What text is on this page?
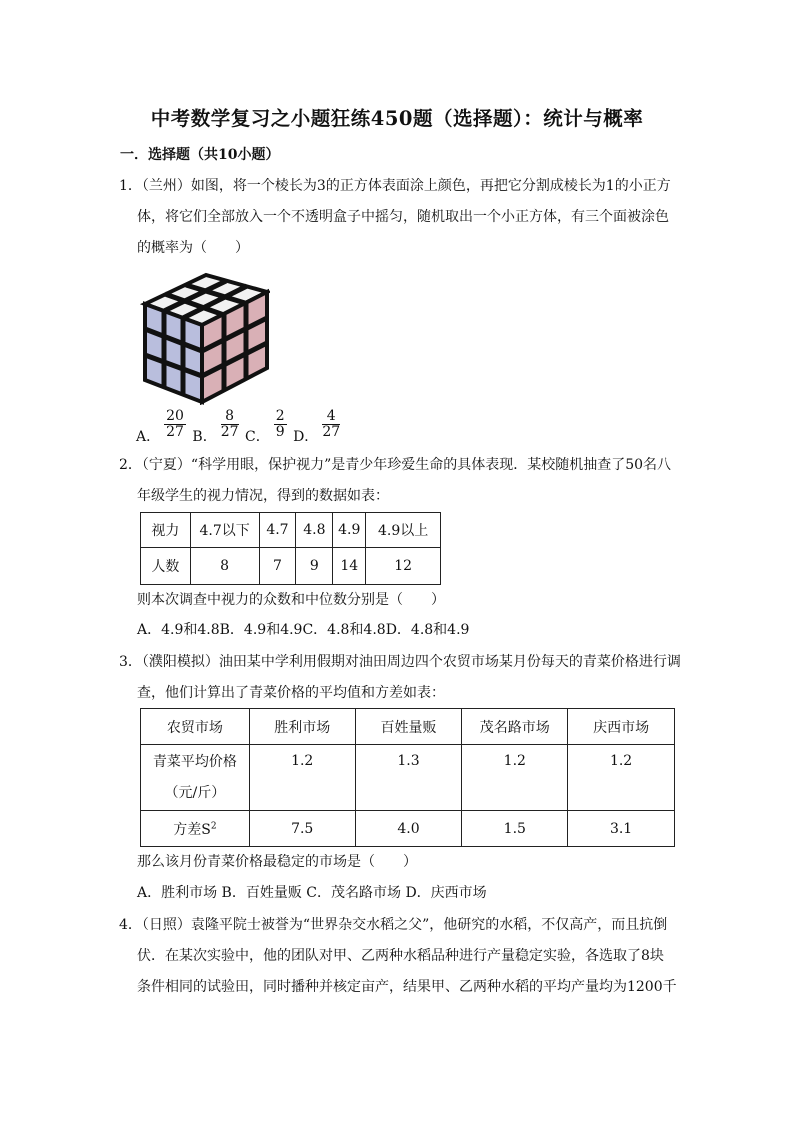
中考数学复习之小题狂练450题（选择题）：统计与概率
一．选择题（共10小题）
1．（兰州）如图，将一个棱长为3的正方体表面涂上颜色，再把它分割成棱长为1的小正方
体，将它们全部放入一个不透明盒子中摇匀，随机取出一个小正方体，有三个面被涂色
的概率为（　　）
A． $\frac{20}{27}$ B． $\frac{8}{27}$ C． $\frac{2}{9}$ D． $\frac{4}{27}$
2．（宁夏）“科学用眼，保护视力”是青少年珍爱生命的具体表现．某校随机抽查了50名八
年级学生的视力情况，得到的数据如表：
视力	4.7以下	4.7	4.8	4.9	4.9以上
人数	8	7	9	14	12
则本次调查中视力的众数和中位数分别是（　　）
A．4.9和4.8B．4.9和4.9C．4.8和4.8D．4.8和4.9
3．（濮阳模拟）油田某中学利用假期对油田周边四个农贸市场某月份每天的青菜价格进行调
查，他们计算出了青菜价格的平均值和方差如表：
农贸市场	胜利市场	百姓量贩	茂名路市场	庆西市场

青菜平均价格
（元/斤）	1.2	1.3	1.2	1.2
方差$S^2$	7.5	4.0	1.5	3.1
那么该月份青菜价格最稳定的市场是（　　）
A．胜利市场 B．百姓量贩 C．茂名路市场 D．庆西市场
4．（日照）袁隆平院士被誉为“世界杂交水稻之父”，他研究的水稻，不仅高产，而且抗倒
伏．在某次实验中，他的团队对甲、乙两种水稻品种进行产量稳定实验，各选取了8块
条件相同的试验田，同时播种并核定亩产，结果甲、乙两种水稻的平均产量均为1200千
